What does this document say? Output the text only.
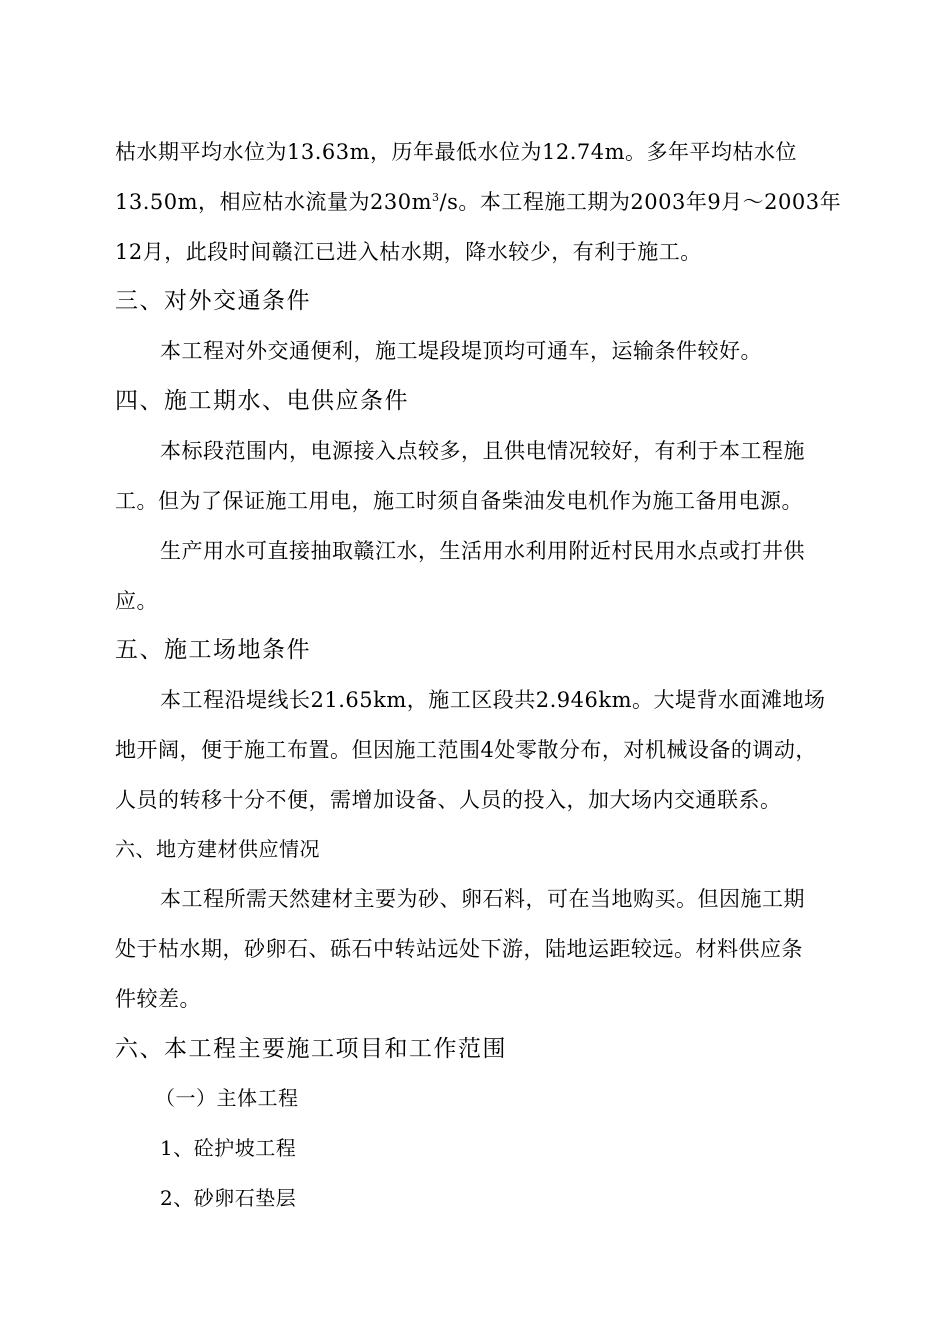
枯水期平均水位为13.63m，历年最低水位为12.74m。多年平均枯水位
13.50m，相应枯水流量为$230m^3/s$。本工程施工期为2003年9月～2003年
12月，此段时间赣江已进入枯水期，降水较少，有利于施工。
三、对外交通条件
本工程对外交通便利，施工堤段堤顶均可通车，运输条件较好。
四、施工期水、电供应条件
本标段范围内，电源接入点较多，且供电情况较好，有利于本工程施
工。但为了保证施工用电，施工时须自备柴油发电机作为施工备用电源。
生产用水可直接抽取赣江水，生活用水利用附近村民用水点或打井供
应。
五、施工场地条件
本工程沿堤线长21.65km，施工区段共2.946km。大堤背水面滩地场
地开阔，便于施工布置。但因施工范围4处零散分布，对机械设备的调动，
人员的转移十分不便，需增加设备、人员的投入，加大场内交通联系。
六、地方建材供应情况
本工程所需天然建材主要为砂、卵石料，可在当地购买。但因施工期
处于枯水期，砂卵石、砾石中转站远处下游，陆地运距较远。材料供应条
件较差。
六、本工程主要施工项目和工作范围
（一）主体工程
1、砼护坡工程
2、砂卵石垫层
